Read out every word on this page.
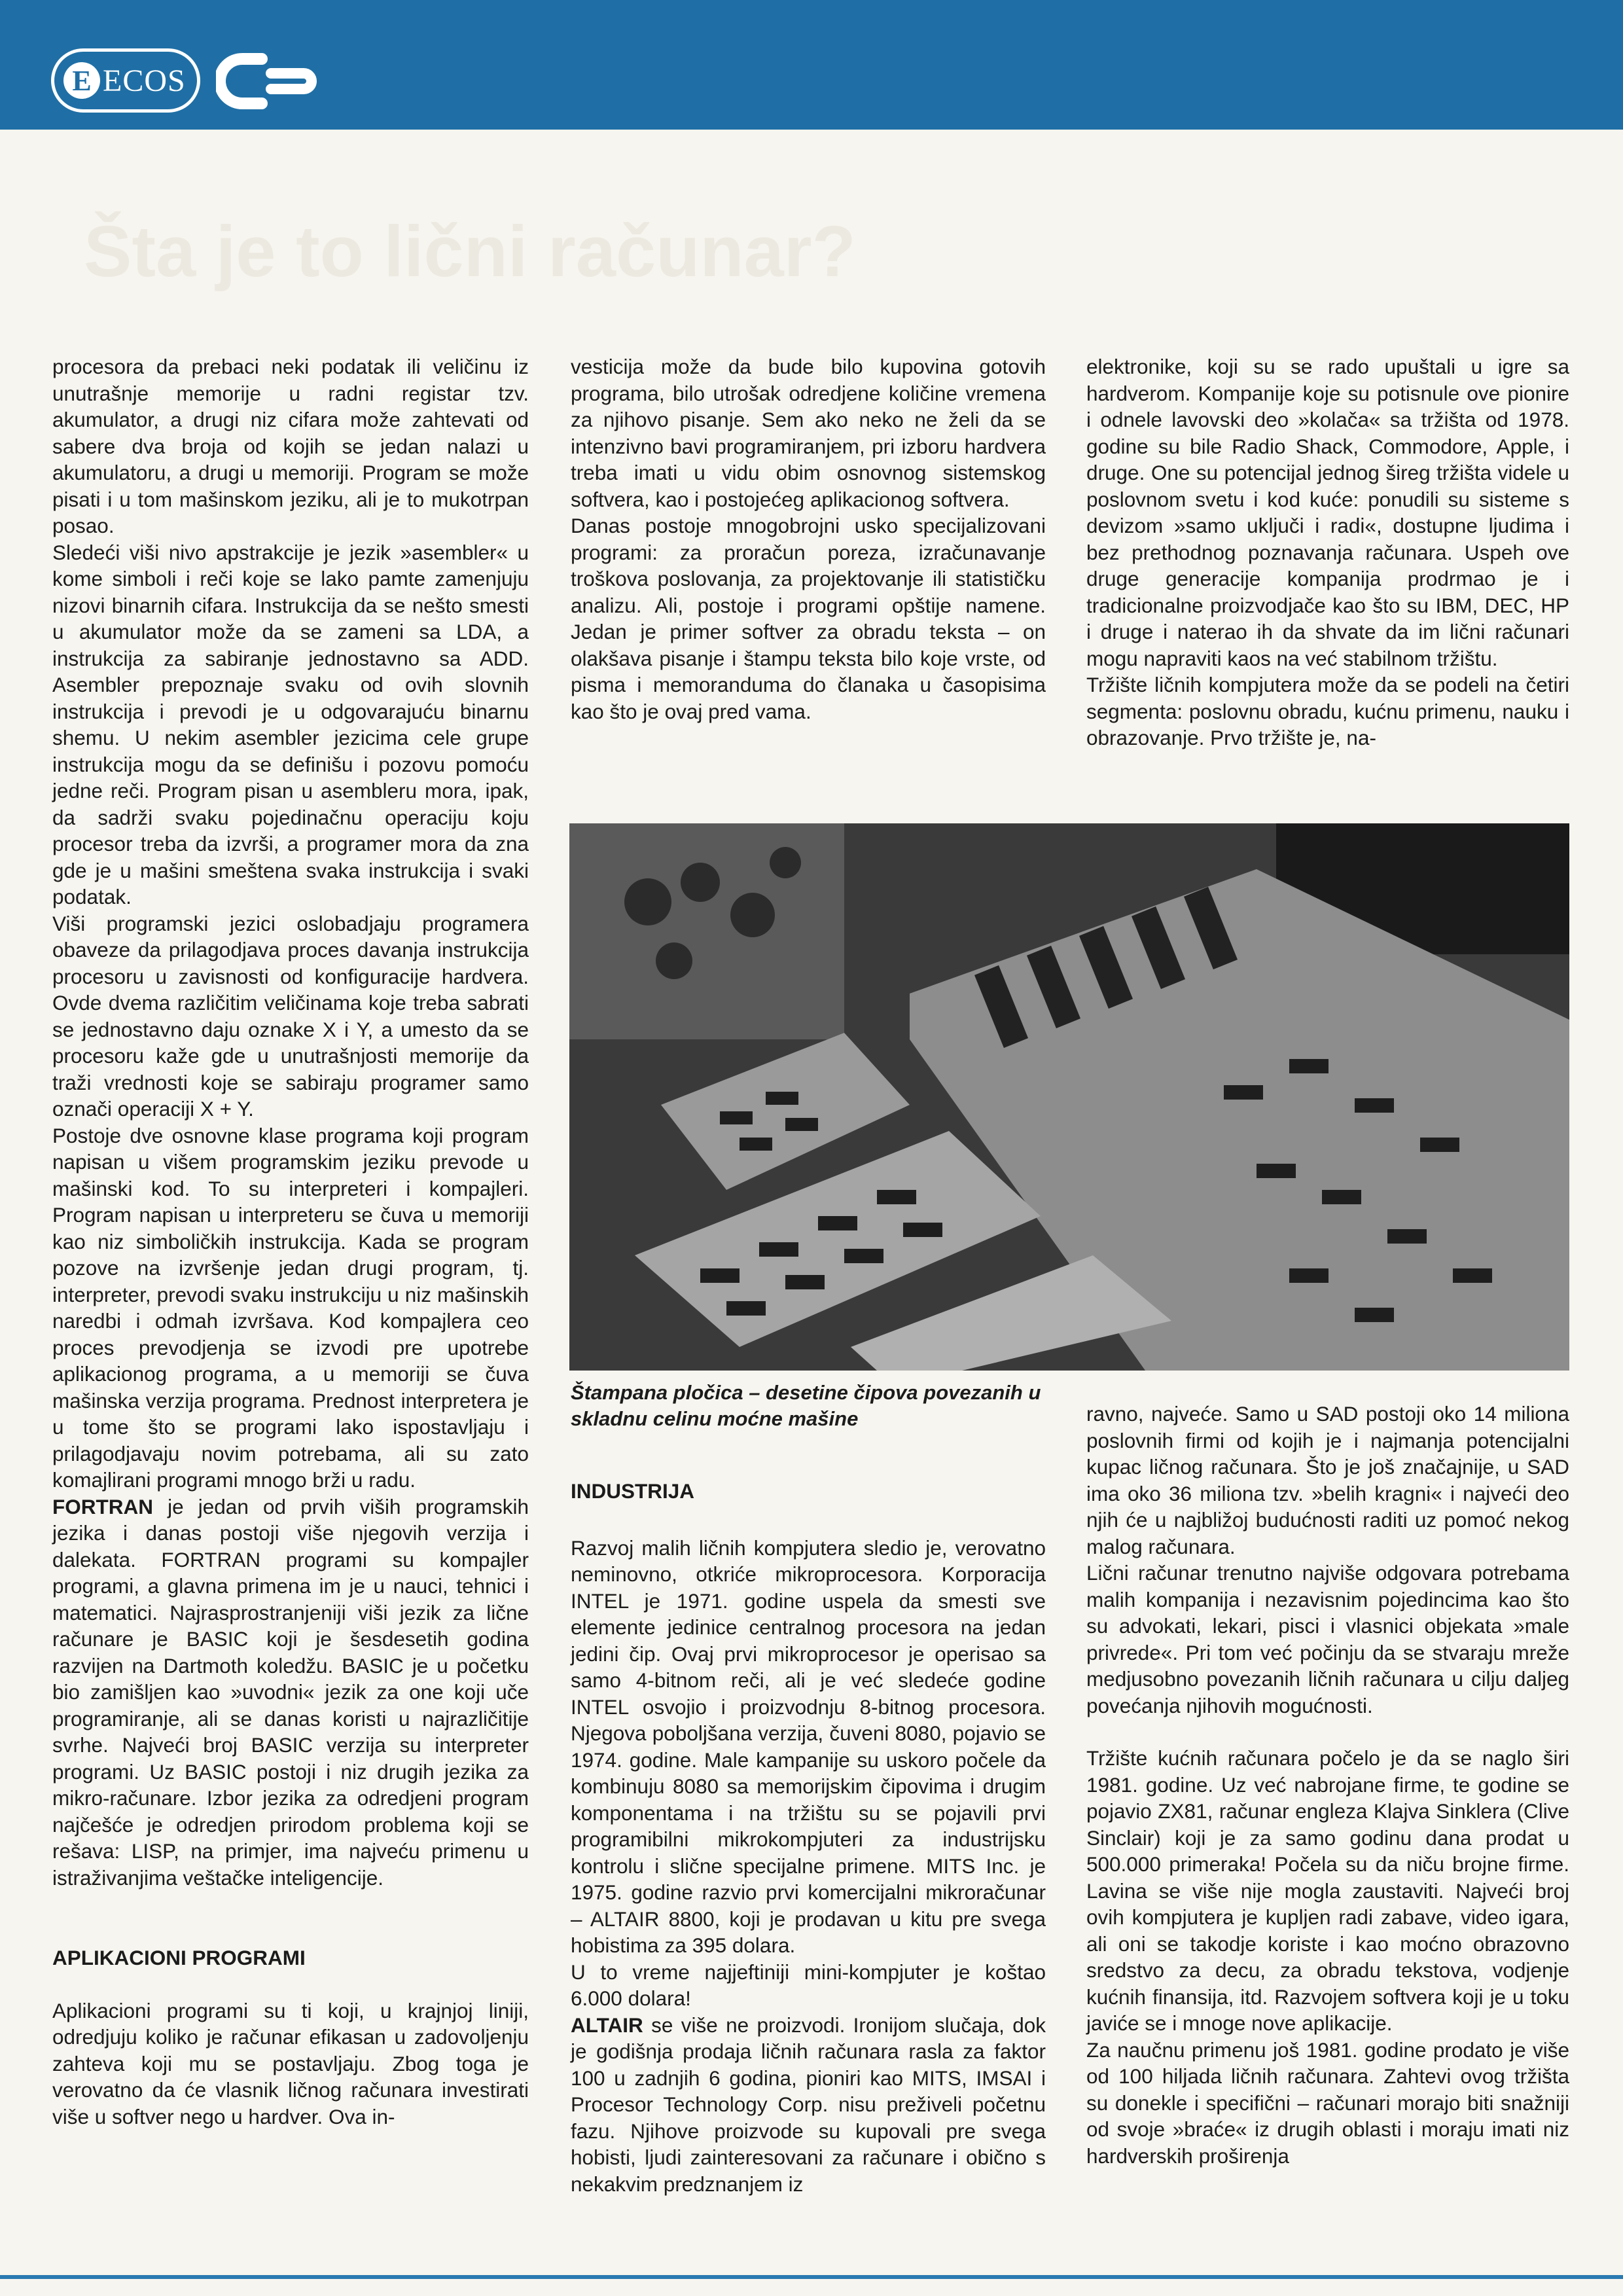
E ECOS
Šta je to lični računar?

procesora da prebaci neki podatak ili veličinu iz unutrašnje memorije u radni registar tzv. akumulator, a drugi niz cifara može zahtevati od sabere dva broja od kojih se jedan nalazi u akumulatoru, a drugi u memoriji. Program se može pisati i u tom mašinskom jeziku, ali je to mukotrpan posao.

Sledeći viši nivo apstrakcije je jezik »asembler« u kome simboli i reči koje se lako pamte zamenjuju nizovi binarnih cifara. Instrukcija da se nešto smesti u akumulator može da se zameni sa LDA, a instrukcija za sabiranje jednostavno sa ADD. Asembler prepoznaje svaku od ovih slovnih instrukcija i prevodi je u odgovarajuću binarnu shemu. U nekim asembler jezicima cele grupe instrukcija mogu da se definišu i pozovu pomoću jedne reči. Program pisan u asembleru mora, ipak, da sadrži svaku pojedinačnu operaciju koju procesor treba da izvrši, a programer mora da zna gde je u mašini smeštena svaka instrukcija i svaki podatak.

Viši programski jezici oslobadjaju programera obaveze da prilagodjava proces davanja instrukcija procesoru u zavisnosti od konfiguracije hardvera. Ovde dvema različitim veličinama koje treba sabrati se jednostavno daju oznake X i Y, a umesto da se procesoru kaže gde u unutrašnjosti memorije da traži vrednosti koje se sabiraju programer samo označi operaciji X + Y.

Postoje dve osnovne klase programa koji program napisan u višem programskim jeziku prevode u mašinski kod. To su interpreteri i kompajleri. Program napisan u interpreteru se čuva u memoriji kao niz simboličkih instrukcija. Kada se program pozove na izvršenje jedan drugi program, tj. interpreter, prevodi svaku instrukciju u niz mašinskih naredbi i odmah izvršava. Kod kompajlera ceo proces prevodjenja se izvodi pre upotrebe aplikacionog programa, a u memoriji se čuva mašinska verzija programa. Prednost interpretera je u tome što se programi lako ispostavljaju i prilagodjavaju novim potrebama, ali su zato komajlirani programi mnogo brži u radu.

FORTRAN je jedan od prvih viših programskih jezika i danas postoji više njegovih verzija i dalekata. FORTRAN programi su kompajler programi, a glavna primena im je u nauci, tehnici i matematici. Najrasprostranjeniji viši jezik za lične računare je BASIC koji je šesdesetih godina razvijen na Dartmoth koledžu. BASIC je u početku bio zamišljen kao »uvodni« jezik za one koji uče programiranje, ali se danas koristi u najrazličitije svrhe. Najveći broj BASIC verzija su interpreter programi. Uz BASIC postoji i niz drugih jezika za mikro-računare. Izbor jezika za odredjeni program najčešće je odredjen prirodom problema koji se rešava: LISP, na primjer, ima najveću primenu u istraživanjima veštačke inteligencije.

APLIKACIONI PROGRAMI

Aplikacioni programi su ti koji, u krajnjoj liniji, odredjuju koliko je računar efikasan u zadovoljenju zahteva koji mu se postavljaju. Zbog toga je verovatno da će vlasnik ličnog računara investirati više u softver nego u hardver. Ova in-

vesticija može da bude bilo kupovina gotovih programa, bilo utrošak odredjene količine vremena za njihovo pisanje. Sem ako neko ne želi da se intenzivno bavi programiranjem, pri izboru hardvera treba imati u vidu obim osnovnog sistemskog softvera, kao i postojećeg aplikacionog softvera.

Danas postoje mnogobrojni usko specijalizovani programi: za proračun poreza, izračunavanje troškova poslovanja, za projektovanje ili statističku analizu. Ali, postoje i programi opštije namene. Jedan je primer softver za obradu teksta – on olakšava pisanje i štampu teksta bilo koje vrste, od pisma i memoranduma do članaka u časopisima kao što je ovaj pred vama.

Štampana pločica – desetine čipova povezanih u skladnu celinu moćne mašine
INDUSTRIJA

Razvoj malih ličnih kompjutera sledio je, verovatno neminovno, otkriće mikroprocesora. Korporacija INTEL je 1971. godine uspela da smesti sve elemente jedinice centralnog procesora na jedan jedini čip. Ovaj prvi mikroprocesor je operisao sa samo 4-bitnom reči, ali je već sledeće godine INTEL osvojio i proizvodnju 8-bitnog procesora. Njegova poboljšana verzija, čuveni 8080, pojavio se 1974. godine. Male kampanije su uskoro počele da kombinuju 8080 sa memorijskim čipovima i drugim komponentama i na tržištu su se pojavili prvi programibilni mikrokompjuteri za industrijsku kontrolu i slične specijalne primene. MITS Inc. je 1975. godine razvio prvi komercijalni mikroračunar – ALTAIR 8800, koji je prodavan u kitu pre svega hobistima za 395 dolara.

U to vreme najjeftiniji mini-kompjuter je koštao 6.000 dolara!

ALTAIR se više ne proizvodi. Ironijom slučaja, dok je godišnja prodaja ličnih računara rasla za faktor 100 u zadnjih 6 godina, pioniri kao MITS, IMSAI i Procesor Technology Corp. nisu preživeli početnu fazu. Njihove proizvode su kupovali pre svega hobisti, ljudi zainteresovani za računare i obično s nekakvim predznanjem iz

elektronike, koji su se rado upuštali u igre sa hardverom. Kompanije koje su potisnule ove pionire i odnele lavovski deo »kolača« sa tržišta od 1978. godine su bile Radio Shack, Commodore, Apple, i druge. One su potencijal jednog šireg tržišta videle u poslovnom svetu i kod kuće: ponudili su sisteme s devizom »samo uključi i radi«, dostupne ljudima i bez prethodnog poznavanja računara. Uspeh ove druge generacije kompanija prodrmao je i tradicionalne proizvodjače kao što su IBM, DEC, HP i druge i naterao ih da shvate da im lični računari mogu napraviti kaos na već stabilnom tržištu.

Tržište ličnih kompjutera može da se podeli na četiri segmenta: poslovnu obradu, kućnu primenu, nauku i obrazovanje. Prvo tržište je, na-

ravno, najveće. Samo u SAD postoji oko 14 miliona poslovnih firmi od kojih je i najmanja potencijalni kupac ličnog računara. Što je još značajnije, u SAD ima oko 36 miliona tzv. »belih kragni« i najveći deo njih će u najbližoj budućnosti raditi uz pomoć nekog malog računara.

Lični računar trenutno najviše odgovara potrebama malih kompanija i nezavisnim pojedincima kao što su advokati, lekari, pisci i vlasnici objekata »male privrede«. Pri tom već počinju da se stvaraju mreže medjusobno povezanih ličnih računara u cilju daljeg povećanja njihovih mogućnosti.

Tržište kućnih računara počelo je da se naglo širi 1981. godine. Uz već nabrojane firme, te godine se pojavio ZX81, računar engleza Klajva Sinklera (Clive Sinclair) koji je za samo godinu dana prodat u 500.000 primeraka! Počela su da niču brojne firme. Lavina se više nije mogla zaustaviti. Najveći broj ovih kompjutera je kupljen radi zabave, video igara, ali oni se takodje koriste i kao moćno obrazovno sredstvo za decu, za obradu tekstova, vodjenje kućnih finansija, itd. Razvojem softvera koji je u toku javiće se i mnoge nove aplikacije.

Za naučnu primenu još 1981. godine prodato je više od 100 hiljada ličnih računara. Zahtevi ovog tržišta su donekle i specifični – računari morajo biti snažniji od svoje »braće« iz drugih oblasti i moraju imati niz hardverskih proširenja
